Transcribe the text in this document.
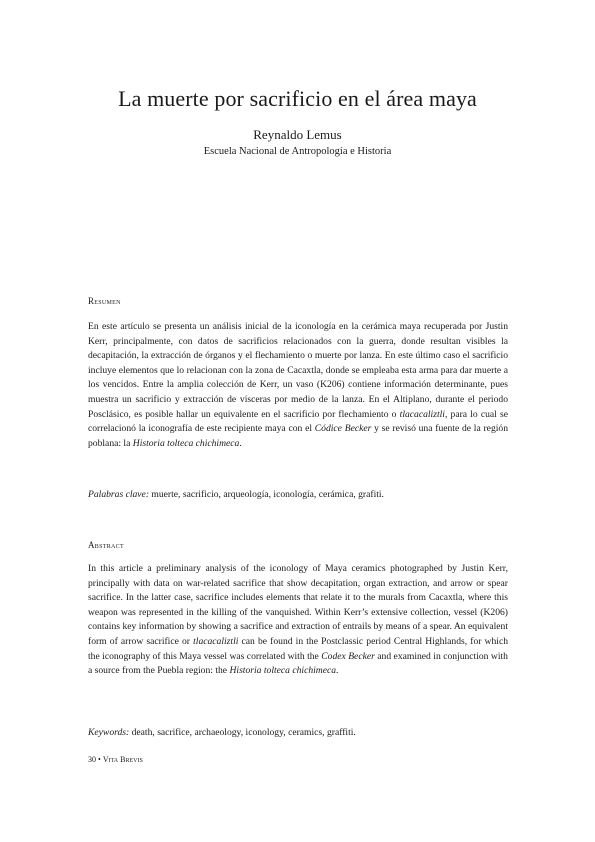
La muerte por sacrificio en el área maya
Reynaldo Lemus
Escuela Nacional de Antropología e Historia
Resumen

En este artículo se presenta un análisis inicial de la iconología en la cerámica maya recuperada por Justin Kerr, principalmente, con datos de sacrificios relacionados con la guerra, donde resultan visibles la decapitación, la extracción de órganos y el flechamiento o muerte por lanza. En este último caso el sacrificio incluye elementos que lo relacionan con la zona de Cacaxtla, donde se empleaba esta arma para dar muerte a los vencidos. Entre la amplia colección de Kerr, un vaso (K206) contiene información determinante, pues muestra un sacrificio y extracción de vísceras por medio de la lanza. En el Altiplano, durante el periodo Posclásico, es posible hallar un equivalente en el sacrificio por flechamiento o tlacacaliztli, para lo cual se correlacionó la iconografía de este recipiente maya con el Códice Becker y se revisó una fuente de la región poblana: la Historia tolteca chichimeca.

Palabras clave: muerte, sacrificio, arqueología, iconología, cerámica, grafiti.

Abstract

In this article a preliminary analysis of the iconology of Maya ceramics photographed by Justin Kerr, principally with data on war-related sacrifice that show decapitation, organ extraction, and arrow or spear sacrifice. In the latter case, sacrifice includes elements that relate it to the murals from Cacaxtla, where this weapon was represented in the killing of the vanquished. Within Kerr’s extensive collection, vessel (K206) contains key information by showing a sacrifice and extraction of entrails by means of a spear. An equivalent form of arrow sacrifice or tlacacaliztli can be found in the Postclassic period Central Highlands, for which the iconography of this Maya vessel was correlated with the Codex Becker and examined in conjunction with a source from the Puebla region: the Historia tolteca chichimeca.

Keywords: death, sacrifice, archaeology, iconology, ceramics, graffiti.

30 • Vita Brevis
